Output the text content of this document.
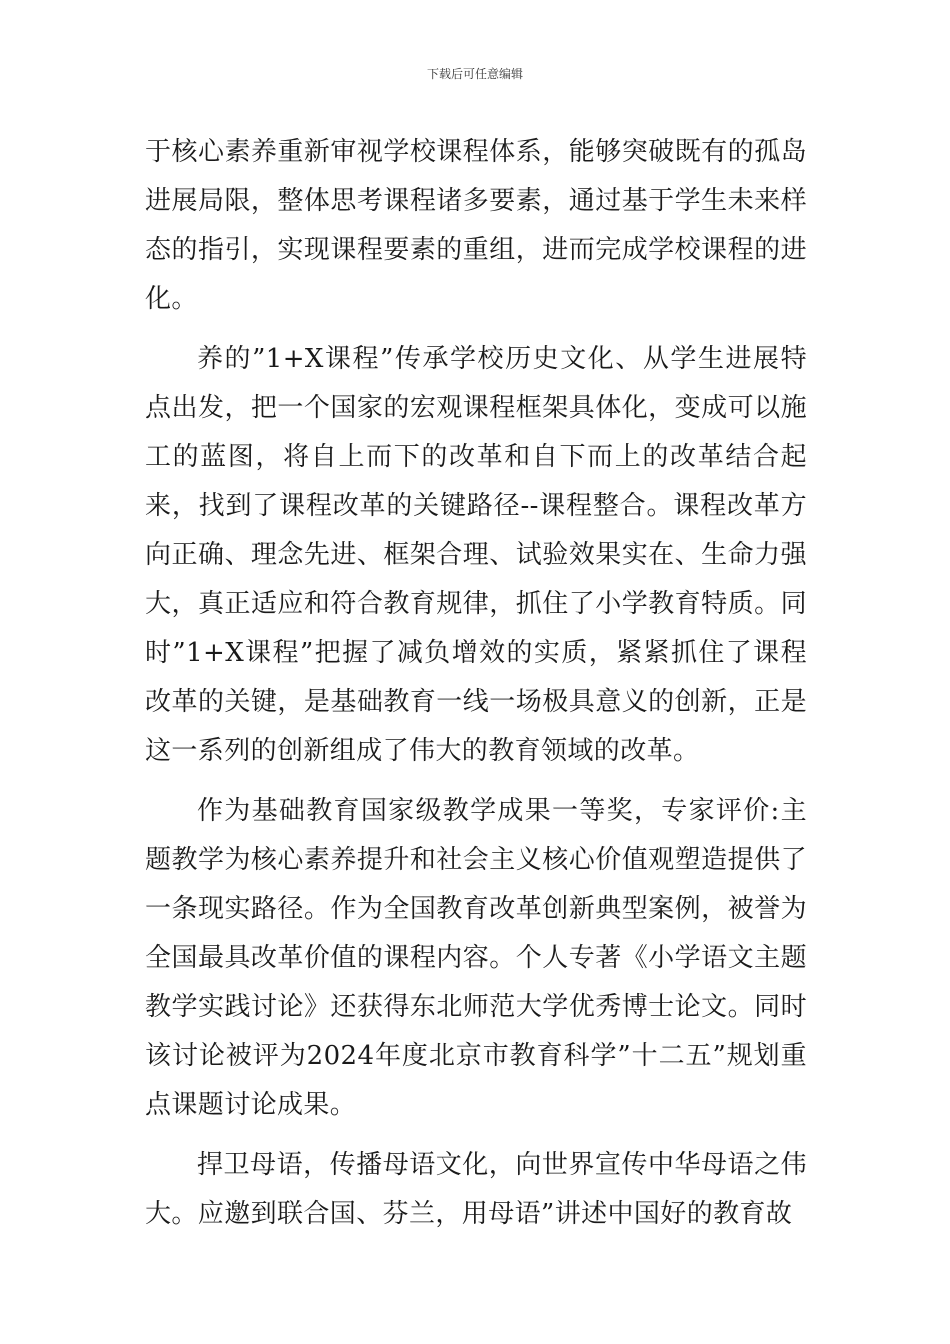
下载后可任意编辑

于核心素养重新审视学校课程体系，能够突破既有的孤岛进展局限，整体思考课程诸多要素，通过基于学生未来样态的指引，实现课程要素的重组，进而完成学校课程的进化。

养的”1+X课程”传承学校历史文化、从学生进展特点出发，把一个国家的宏观课程框架具体化，变成可以施工的蓝图，将自上而下的改革和自下而上的改革结合起来，找到了课程改革的关键路径--课程整合。课程改革方向正确、理念先进、框架合理、试验效果实在、生命力强大，真正适应和符合教育规律，抓住了小学教育特质。同时”1+X课程”把握了减负增效的实质，紧紧抓住了课程改革的关键，是基础教育一线一场极具意义的创新，正是这一系列的创新组成了伟大的教育领域的改革。

作为基础教育国家级教学成果一等奖，专家评价:主题教学为核心素养提升和社会主义核心价值观塑造提供了一条现实路径。作为全国教育改革创新典型案例，被誉为全国最具改革价值的课程内容。个人专著《小学语文主题教学实践讨论》还获得东北师范大学优秀博士论文。同时该讨论被评为2024年度北京市教育科学”十二五”规划重点课题讨论成果。

捍卫母语，传播母语文化，向世界宣传中华母语之伟大。应邀到联合国、芬兰，用母语”讲述中国好的教育故
